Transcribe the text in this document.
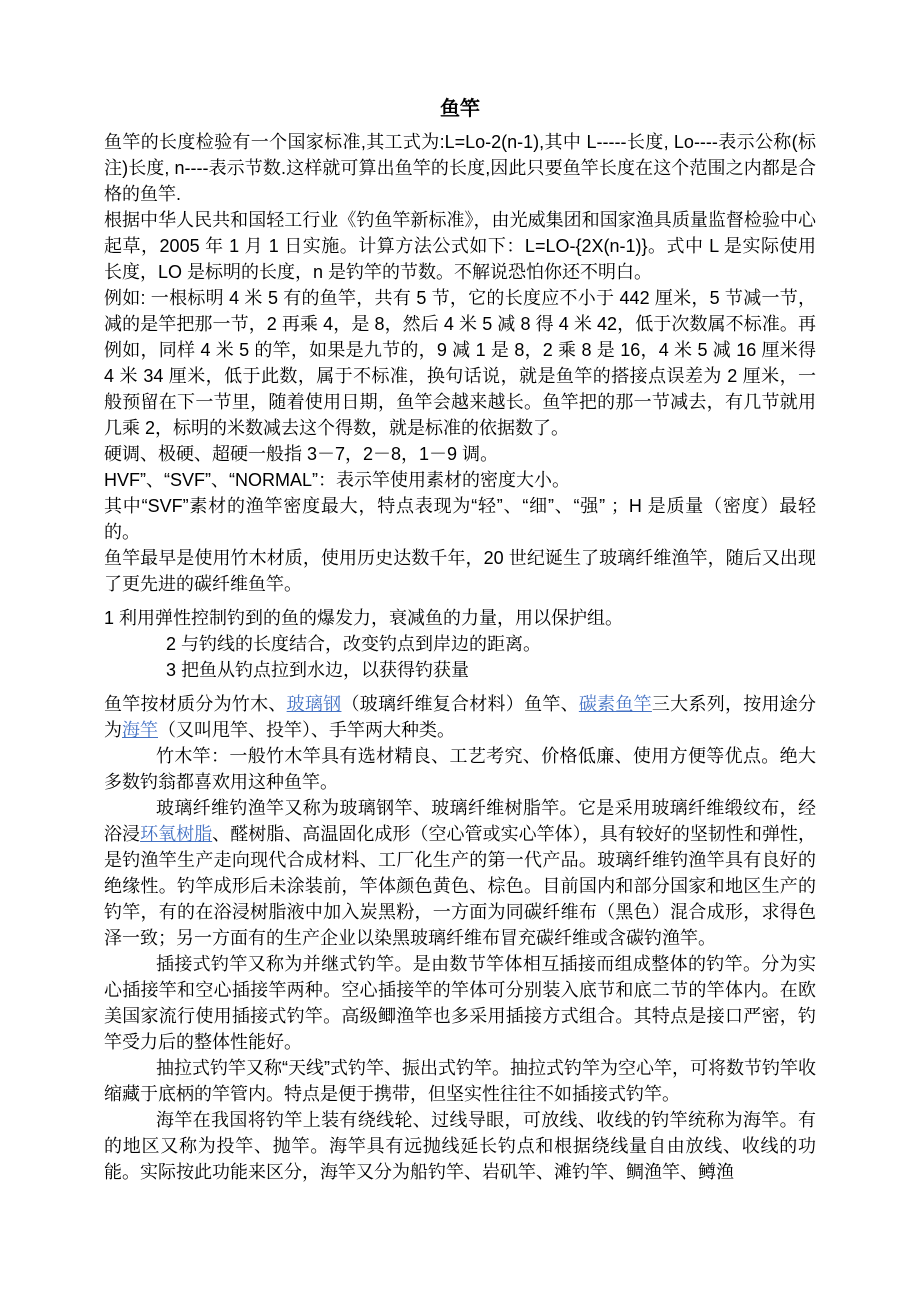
鱼竿

鱼竿的长度检验有一个国家标准,其工式为:L=Lo-2(n-1),其中 L-----长度, Lo----表示公称(标注)长度, n----表示节数.这样就可算出鱼竿的长度,因此只要鱼竿长度在这个范围之内都是合格的鱼竿.

根据中华人民共和国轻工行业《钓鱼竿新标准》，由光威集团和国家渔具质量监督检验中心起草，2005 年 1 月 1 日实施。计算方法公式如下：L=LO-{2X(n-1)}。式中 L 是实际使用长度，LO 是标明的长度，n 是钓竿的节数。不解说恐怕你还不明白。

例如: 一根标明 4 米 5 有的鱼竿，共有 5 节，它的长度应不小于 442 厘米，5 节减一节，减的是竿把那一节，2 再乘 4，是 8，然后 4 米 5 减 8 得 4 米 42，低于次数属不标准。再例如，同样 4 米 5 的竿，如果是九节的，9 减 1 是 8，2 乘 8 是 16，4 米 5 减 16 厘米得 4 米 34 厘米，低于此数，属于不标准，换句话说，就是鱼竿的搭接点误差为 2 厘米，一般预留在下一节里，随着使用日期，鱼竿会越来越长。鱼竿把的那一节减去，有几节就用几乘 2，标明的米数减去这个得数，就是标准的依据数了。

硬调、极硬、超硬一般指 3－7，2－8，1－9 调。

HVF”、“SVF”、“NORMAL”：表示竿使用素材的密度大小。

其中“SVF”素材的渔竿密度最大，特点表现为“轻”、“细”、“强” ；H 是质量（密度）最轻的。

鱼竿最早是使用竹木材质，使用历史达数千年，20 世纪诞生了玻璃纤维渔竿，随后又出现了更先进的碳纤维鱼竿。

1 利用弹性控制钓到的鱼的爆发力，衰减鱼的力量，用以保护组。

2 与钓线的长度结合，改变钓点到岸边的距离。

3 把鱼从钓点拉到水边，以获得钓获量

鱼竿按材质分为竹木、玻璃钢（玻璃纤维复合材料）鱼竿、碳素鱼竿三大系列，按用途分为海竿（又叫甩竿、投竿）、手竿两大种类。

竹木竿：一般竹木竿具有选材精良、工艺考究、价格低廉、使用方便等优点。绝大多数钓翁都喜欢用这种鱼竿。

玻璃纤维钓渔竿又称为玻璃钢竿、玻璃纤维树脂竿。它是采用玻璃纤维缎纹布，经浴浸环氧树脂、醛树脂、高温固化成形（空心管或实心竿体），具有较好的坚韧性和弹性，是钓渔竿生产走向现代合成材料、工厂化生产的第一代产品。玻璃纤维钓渔竿具有良好的绝缘性。钓竿成形后未涂装前，竿体颜色黄色、棕色。目前国内和部分国家和地区生产的钓竿，有的在浴浸树脂液中加入炭黑粉，一方面为同碳纤维布（黑色）混合成形，求得色泽一致；另一方面有的生产企业以染黑玻璃纤维布冒充碳纤维或含碳钓渔竿。

插接式钓竿又称为并继式钓竿。是由数节竿体相互插接而组成整体的钓竿。分为实心插接竿和空心插接竿两种。空心插接竿的竿体可分别装入底节和底二节的竿体内。在欧美国家流行使用插接式钓竿。高级鲫渔竿也多采用插接方式组合。其特点是接口严密，钓竿受力后的整体性能好。

抽拉式钓竿又称“天线”式钓竿、振出式钓竿。抽拉式钓竿为空心竿，可将数节钓竿收缩藏于底柄的竿管内。特点是便于携带，但坚实性往往不如插接式钓竿。

海竿在我国将钓竿上装有绕线轮、过线导眼，可放线、收线的钓竿统称为海竿。有的地区又称为投竿、抛竿。海竿具有远抛线延长钓点和根据绕线量自由放线、收线的功能。实际按此功能来区分，海竿又分为船钓竿、岩矶竿、滩钓竿、鲷渔竿、鳟渔
